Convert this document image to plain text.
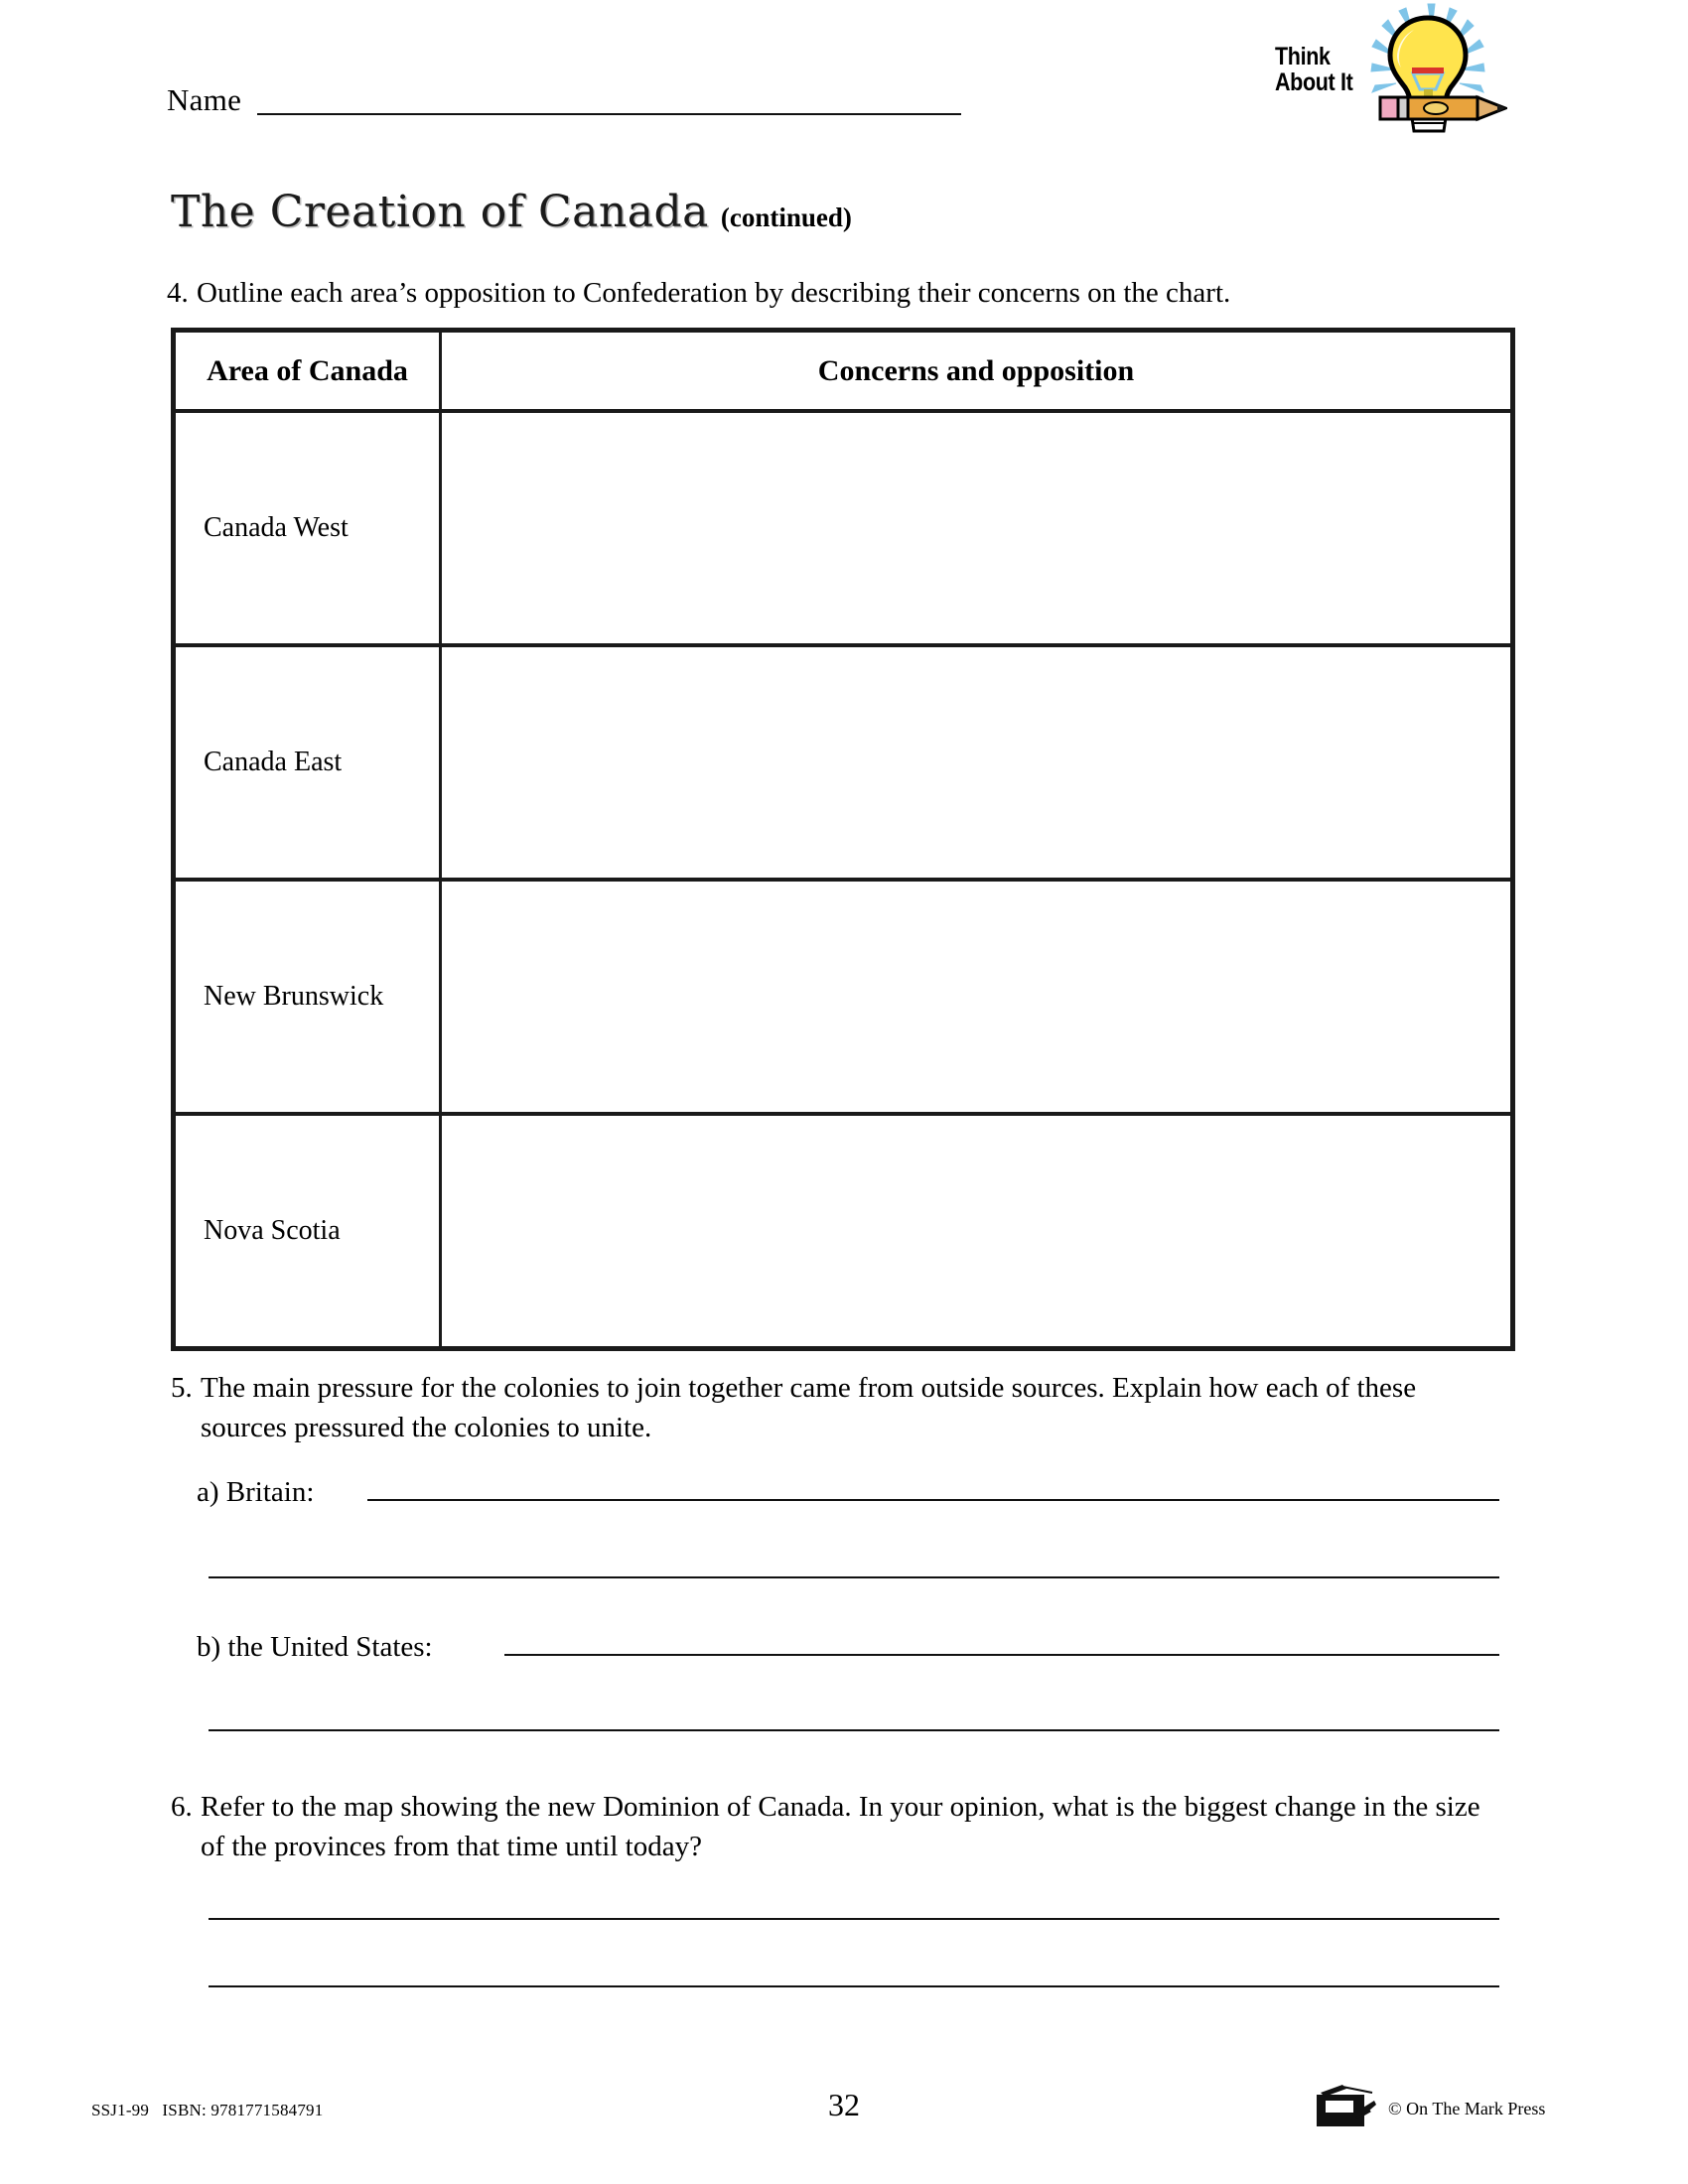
Name
Think
About It
The Creation of Canada (continued)
4. Outline each area’s opposition to Confederation by describing their concerns on the chart.
Area of Canada	Concerns and opposition
Canada West
Canada East
New Brunswick
Nova Scotia
5. The main pressure for the colonies to join together came from outside sources. Explain how each of these sources pressured the colonies to unite.
a) Britain:
b) the United States:
6. Refer to the map showing the new Dominion of Canada. In your opinion, what is the biggest change in the size of the provinces from that time until today?
SSJ1-99   ISBN: 9781771584791	32	© On The Mark Press
